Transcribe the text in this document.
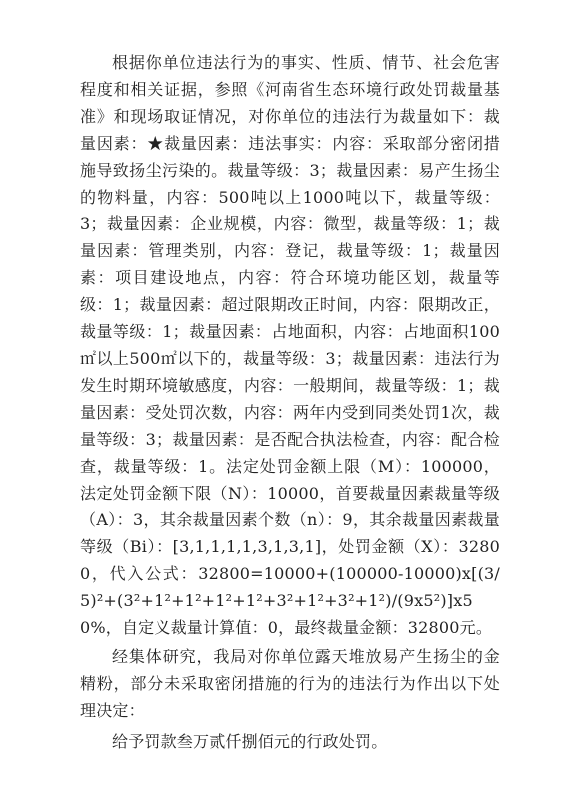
根据你单位违法行为的事实、性质、情节、社会危害程度和相关证据，参照《河南省生态环境行政处罚裁量基准》和现场取证情况，对你单位的违法行为裁量如下：裁量因素：★裁量因素：违法事实：内容：采取部分密闭措施导致扬尘污染的。裁量等级：3；裁量因素：易产生扬尘的物料量，内容：500吨以上1000吨以下，裁量等级：3；裁量因素：企业规模，内容：微型，裁量等级：1；裁量因素：管理类别，内容：登记，裁量等级：1；裁量因素：项目建设地点，内容：符合环境功能区划，裁量等级：1；裁量因素：超过限期改正时间，内容：限期改正，裁量等级：1；裁量因素：占地面积，内容：占地面积100㎡以上500㎡以下的，裁量等级：3；裁量因素：违法行为发生时期环境敏感度，内容：一般期间，裁量等级：1；裁量因素：受处罚次数，内容：两年内受到同类处罚1次，裁量等级：3；裁量因素：是否配合执法检查，内容：配合检查，裁量等级：1。法定处罚金额上限（M）：100000，法定处罚金额下限（N）：10000，首要裁量因素裁量等级（A）：3，其余裁量因素个数（n）：9，其余裁量因素裁量等级（Bi）：[3,1,1,1,1,3,1,3,1]，处罚金额（X）：32800，代入公式：32800=10000+(100000-10000)x[(3/5)²+(3²+1²+1²+1²+1²+3²+1²+3²+1²)/(9x5²)]x50%，自定义裁量计算值：0，最终裁量金额：32800元。

经集体研究，我局对你单位露天堆放易产生扬尘的金精粉，部分未采取密闭措施的行为的违法行为作出以下处理决定：

给予罚款叁万贰仟捌佰元的行政处罚。
